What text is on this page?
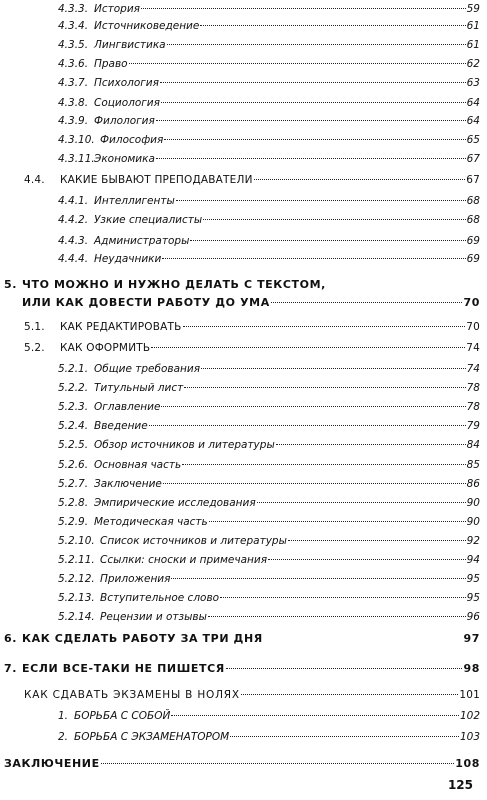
4.3.3. История	59
4.3.4. Источниковедение	61
4.3.5. Лингвистика	61
4.3.6. Право	62
4.3.7. Психология	63
4.3.8. Социология	64
4.3.9. Филология	64
4.3.10. Философия	65
4.3.11. Экономика	67
4.4.	КАКИЕ БЫВАЮТ ПРЕПОДАВАТЕЛИ	67
4.4.1. Интеллигенты	68
4.4.2. Узкие специалисты	68
4.4.3. Администраторы	69
4.4.4. Неудачники	69
5. ЧТО МОЖНО И НУЖНО ДЕЛАТЬ С ТЕКСТОМ,
ИЛИ КАК ДОВЕСТИ РАБОТУ ДО УМА	70
5.1.	КАК РЕДАКТИРОВАТЬ	70
5.2.	КАК ОФОРМИТЬ	74
5.2.1. Общие требования	74
5.2.2. Титульный лист	78
5.2.3. Оглавление	78
5.2.4. Введение	79
5.2.5. Обзор источников и литературы	84
5.2.6. Основная часть	85
5.2.7. Заключение	86
5.2.8. Эмпирические исследования	90
5.2.9. Методическая часть	90
5.2.10. Список источников и литературы	92
5.2.11. Ссылки: сноски и примечания	94
5.2.12. Приложения	95
5.2.13. Вступительное слово	95
5.2.14. Рецензии и отзывы	96
6. КАК СДЕЛАТЬ РАБОТУ ЗА ТРИ ДНЯ	97
7. ЕСЛИ ВСЕ-ТАКИ НЕ ПИШЕТСЯ	98
КАК СДАВАТЬ ЭКЗАМЕНЫ В НОЛЯХ	101
1. БОРЬБА С СОБОЙ	102
2. БОРЬБА С ЭКЗАМЕНАТОРОМ	103
ЗАКЛЮЧЕНИЕ	108
125
